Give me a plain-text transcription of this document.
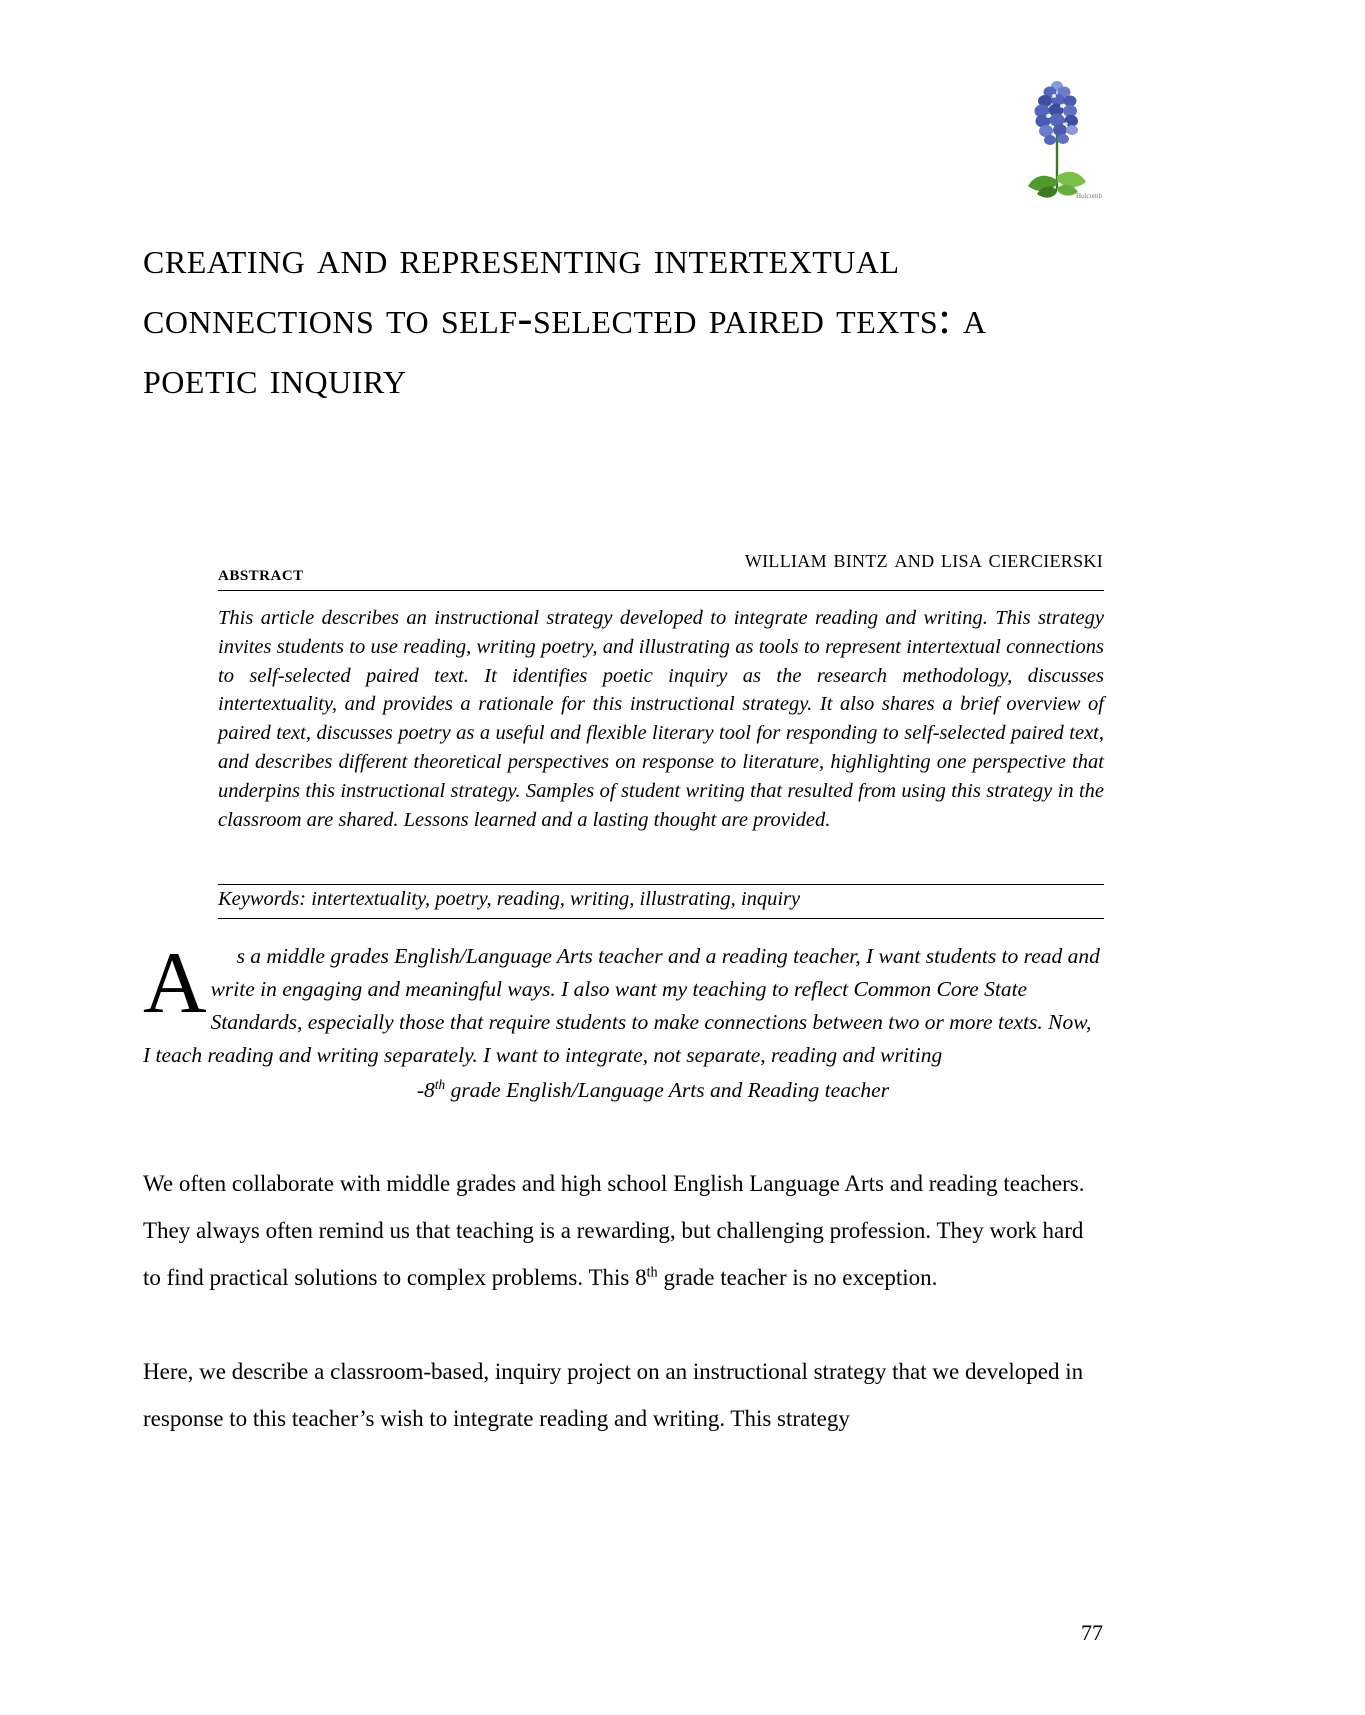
Holcomb
creating and representing intertextual connections to self-selected paired texts: a poetic inquiry
william bintz and lisa ciercierski
abstract
This article describes an instructional strategy developed to integrate reading and writing. This strategy invites students to use reading, writing poetry, and illustrating as tools to represent intertextual connections to self-selected paired text. It identifies poetic inquiry as the research methodology, discusses intertextuality, and provides a rationale for this instructional strategy. It also shares a brief overview of paired text, discusses poetry as a useful and flexible literary tool for responding to self-selected paired text, and describes different theoretical perspectives on response to literature, highlighting one perspective that underpins this instructional strategy. Samples of student writing that resulted from using this strategy in the classroom are shared. Lessons learned and a lasting thought are provided.
Keywords: intertextuality, poetry, reading, writing, illustrating, inquiry
A s a middle grades English/Language Arts teacher and a reading teacher, I want students to read and write in engaging and meaningful ways. I also want my teaching to reflect Common Core State Standards, especially those that require students to make connections between two or more texts. Now, I teach reading and writing separately. I want to integrate, not separate, reading and writing
-8th grade English/Language Arts and Reading teacher

We often collaborate with middle grades and high school English Language Arts and reading teachers. They always often remind us that teaching is a rewarding, but challenging profession. They work hard to find practical solutions to complex problems. This 8th grade teacher is no exception.

Here, we describe a classroom-based, inquiry project on an instructional strategy that we developed in response to this teacher’s wish to integrate reading and writing. This strategy

77
